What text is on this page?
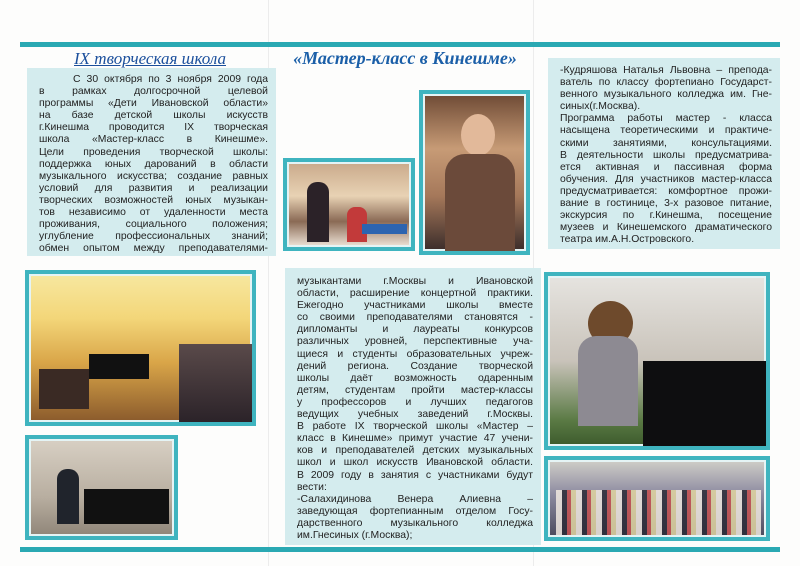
IX творческая школа
С 30 октября по 3 ноября 2009 года
в рамках долгосрочной целевой
программы «Дети Ивановской области»
на базе детской школы искусств
г.Кинешма проводится IX творческая
школа «Мастер-класс в Кинешме».
Цели проведения творческой школы:
поддержка юных дарований в области
музыкального искусства; создание равных
условий для развития и реализации
творческих возможностей юных музыкан-
тов независимо от удаленности места
проживания, социального положения;
углубление профессиональных знаний;
обмен опытом между преподавателями-
«Мастер-класс в Кинешме»
-Кудряшова Наталья Львовна – препода-
ватель по классу фортепиано Государст-
венного музыкального колледжа им. Гне-
синых(г.Москва).
Программа работы мастер - класса
насыщена теоретическими и практиче-
скими занятиями, консультациями.
В деятельности школы предусматрива-
ется активная и пассивная форма
обучения. Для участников мастер-класса
предусматривается: комфортное прожи-
вание в гостинице, 3-х разовое питание,
экскурсия по г.Кинешма, посещение
музеев и Кинешемского драматического
театра им.А.Н.Островского.
музыкантами г.Москвы и Ивановской
области, расширение концертной практики.
Ежегодно участниками школы вместе
со своими преподавателями становятся -
дипломанты и лауреаты конкурсов
различных уровней, перспективные уча-
щиеся и студенты образовательных учреж-
дений региона. Создание творческой
школы даёт возможность одаренным
детям, студентам пройти мастер-классы
у профессоров и лучших педагогов
ведущих учебных заведений г.Москвы.
В работе IX творческой школы «Мастер –
класс в Кинешме» примут участие 47 учени-
ков и преподавателей детских музыкальных
школ и школ искусств Ивановской области.
В 2009 году в занятия с участниками будут
вести:
-Салахидинова Венера Алиевна –
заведующая фортепианным отделом Госу-
дарственного музыкального колледжа
им.Гнесиных (г.Москва);
